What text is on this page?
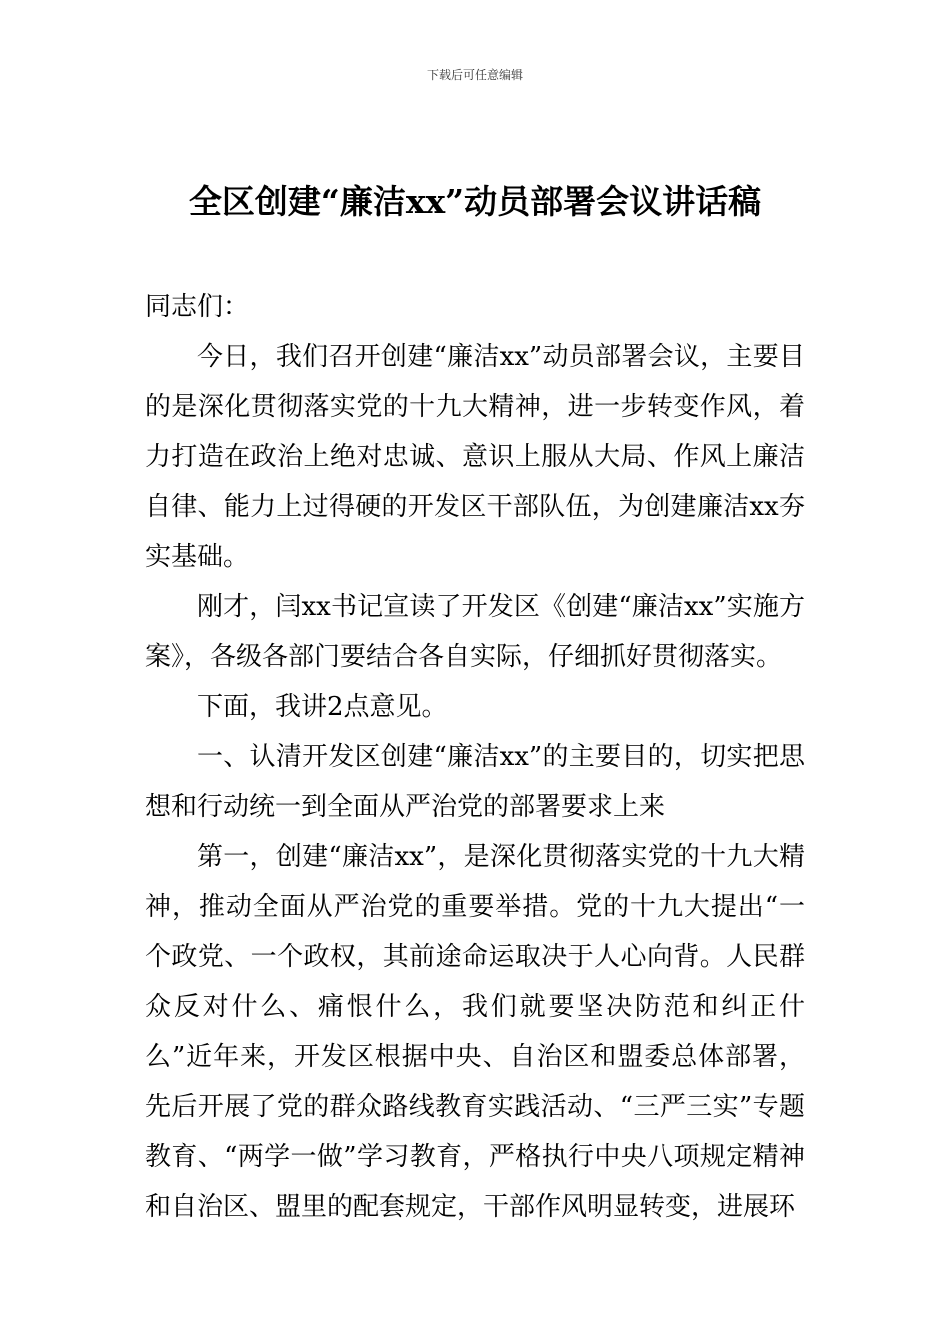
下载后可任意编辑
全区创建“廉洁xx”动员部署会议讲话稿

同志们：

今日，我们召开创建“廉洁xx”动员部署会议，主要目的是深化贯彻落实党的十九大精神，进一步转变作风，着力打造在政治上绝对忠诚、意识上服从大局、作风上廉洁自律、能力上过得硬的开发区干部队伍，为创建廉洁xx夯实基础。

刚才，闫xx书记宣读了开发区《创建“廉洁xx”实施方案》，各级各部门要结合各自实际，仔细抓好贯彻落实。

下面，我讲2点意见。

一、认清开发区创建“廉洁xx”的主要目的，切实把思想和行动统一到全面从严治党的部署要求上来

第一，创建“廉洁xx”，是深化贯彻落实党的十九大精神，推动全面从严治党的重要举措。党的十九大提出“一个政党、一个政权，其前途命运取决于人心向背。人民群众反对什么、痛恨什么，我们就要坚决防范和纠正什么”近年来，开发区根据中央、自治区和盟委总体部署，先后开展了党的群众路线教育实践活动、“三严三实”专题教育、“两学一做”学习教育，严格执行中央八项规定精神和自治区、盟里的配套规定，干部作风明显转变，进展环
